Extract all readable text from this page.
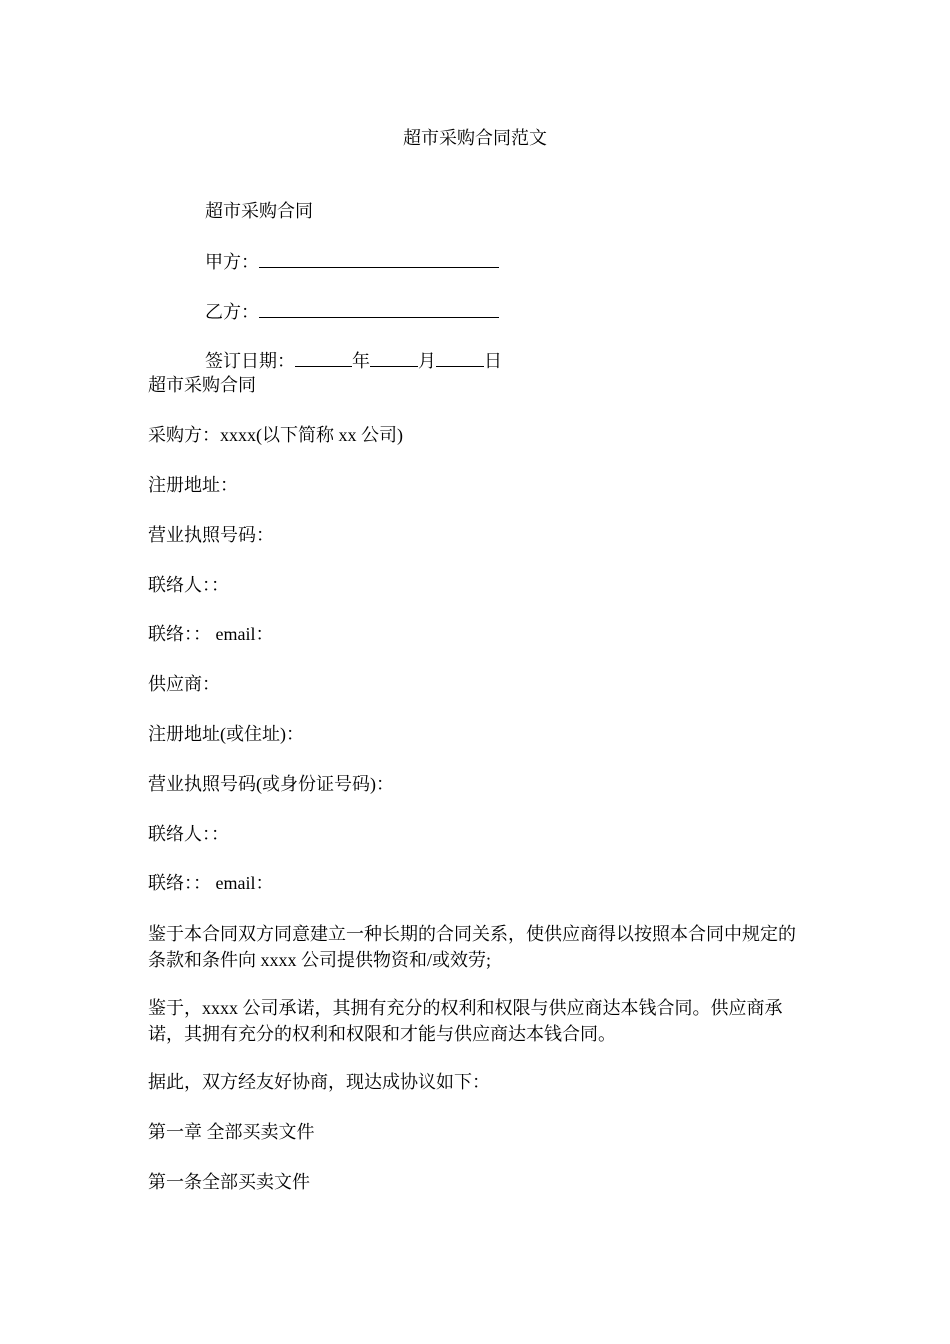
超市采购合同范文
超市采购合同
甲方：
乙方：
签订日期：	年	月	日
超市采购合同
采购方：xxxx(以下简称 xx 公司)
注册地址：
营业执照号码：
联络人：：
联络：： email：
供应商：
注册地址(或住址)：
营业执照号码(或身份证号码)：
联络人：：
联络：： email：
鉴于本合同双方同意建立一种长期的合同关系，使供应商得以按照本合同中规定的条款和条件向 xxxx 公司提供物资和/或效劳;
鉴于，xxxx 公司承诺，其拥有充分的权利和权限与供应商达本钱合同。供应商承诺，其拥有充分的权利和权限和才能与供应商达本钱合同。
据此，双方经友好协商，现达成协议如下：
第一章 全部买卖文件
第一条全部买卖文件
